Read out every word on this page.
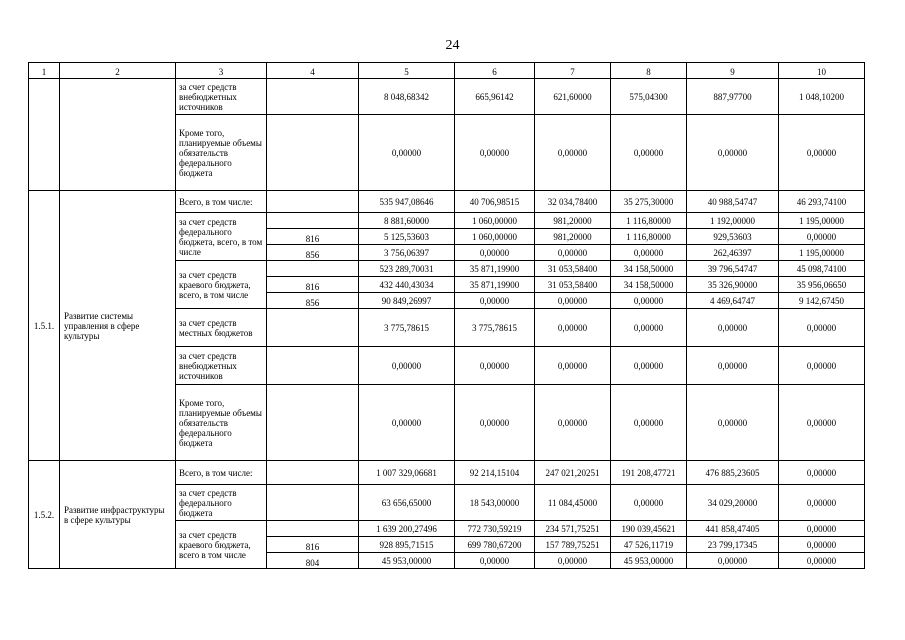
24
1	2	3	4	5	6	7	8	9	10
		за счет средств внебюджетных источников		8 048,68342	665,96142	621,60000	575,04300	887,97700	1 048,10200
		Кроме того, планируемые объемы обязательств федерального бюджета		0,00000	0,00000	0,00000	0,00000	0,00000	0,00000
1.5.1.	Развитие системы управления в сфере культуры	Всего, в том числе:		535 947,08646	40 706,98515	32 034,78400	35 275,30000	40 988,54747	46 293,74100
		за счет средств федерального бюджета, всего, в том числе		8 881,60000	1 060,00000	981,20000	1 116,80000	1 192,00000	1 195,00000
			816	5 125,53603	1 060,00000	981,20000	1 116,80000	929,53603	0,00000
			856	3 756,06397	0,00000	0,00000	0,00000	262,46397	1 195,00000
		за счет средств краевого бюджета, всего, в том числе		523 289,70031	35 871,19900	31 053,58400	34 158,50000	39 796,54747	45 098,74100
			816	432 440,43034	35 871,19900	31 053,58400	34 158,50000	35 326,90000	35 956,06650
			856	90 849,26997	0,00000	0,00000	0,00000	4 469,64747	9 142,67450
		за счет средств местных бюджетов		3 775,78615	3 775,78615	0,00000	0,00000	0,00000	0,00000
		за счет средств внебюджетных источников		0,00000	0,00000	0,00000	0,00000	0,00000	0,00000
		Кроме того, планируемые объемы обязательств федерального бюджета		0,00000	0,00000	0,00000	0,00000	0,00000	0,00000
1.5.2.	Развитие инфраструктуры в сфере культуры	Всего, в том числе:		1 007 329,06681	92 214,15104	247 021,20251	191 208,47721	476 885,23605	0,00000
		за счет средств федерального бюджета		63 656,65000	18 543,00000	11 084,45000	0,00000	34 029,20000	0,00000
		за счет средств краевого бюджета, всего в том числе		1 639 200,27496	772 730,59219	234 571,75251	190 039,45621	441 858,47405	0,00000
			816	928 895,71515	699 780,67200	157 789,75251	47 526,11719	23 799,17345	0,00000
			804	45 953,00000	0,00000	0,00000	45 953,00000	0,00000	0,00000
